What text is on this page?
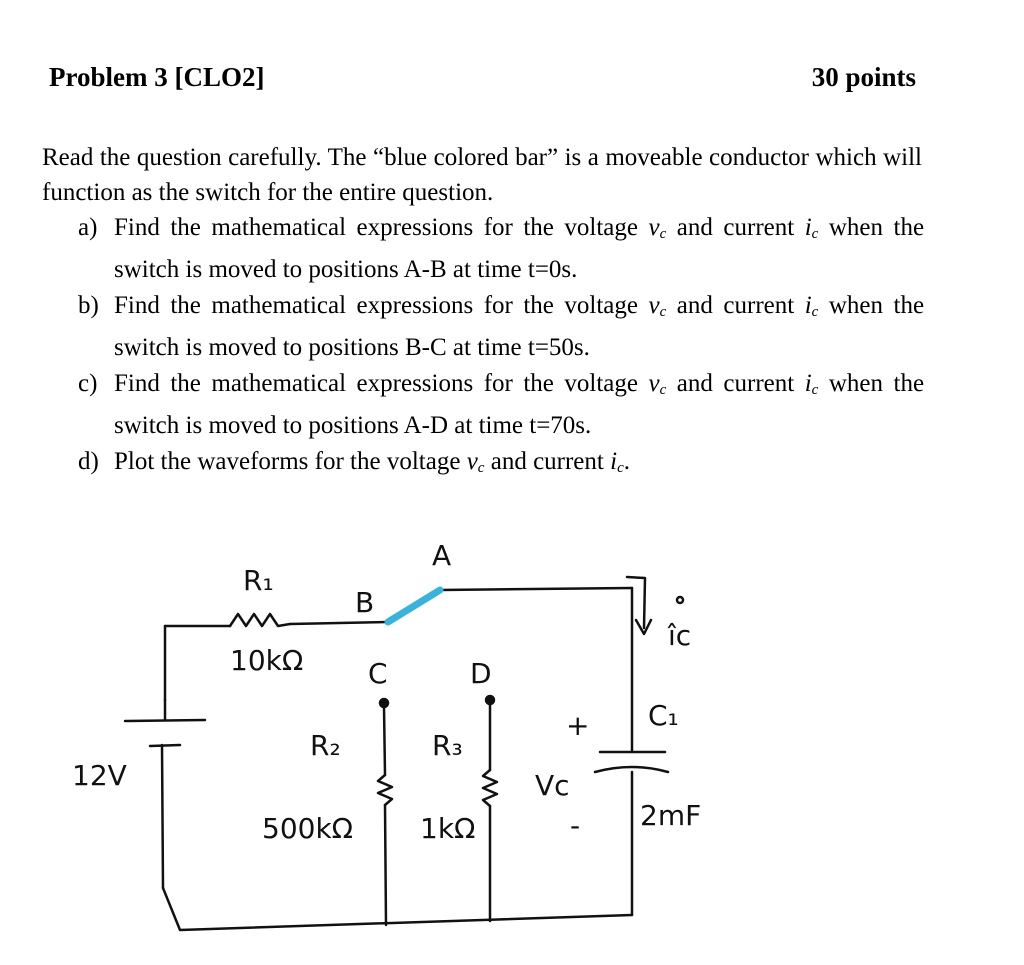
Problem 3 [CLO2]	30 points

Read the question carefully. The “blue colored bar” is a moveable conductor which will function as the switch for the entire question.

a) Find the mathematical expressions for the voltage $v_c$ and current $i_c$ when the switch is moved to positions A-B at time t=0s.
b) Find the mathematical expressions for the voltage $v_c$ and current $i_c$ when the switch is moved to positions B-C at time t=50s.
c) Find the mathematical expressions for the voltage $v_c$ and current $i_c$ when the switch is moved to positions A-D at time t=70s.
d) Plot the waveforms for the voltage $v_c$ and current $i_c$.
12V
R₁
10kΩ
A
B
C	D
R₂
500kΩ
R₃
1kΩ
+
Vc
-
C₁
2mF
îc
